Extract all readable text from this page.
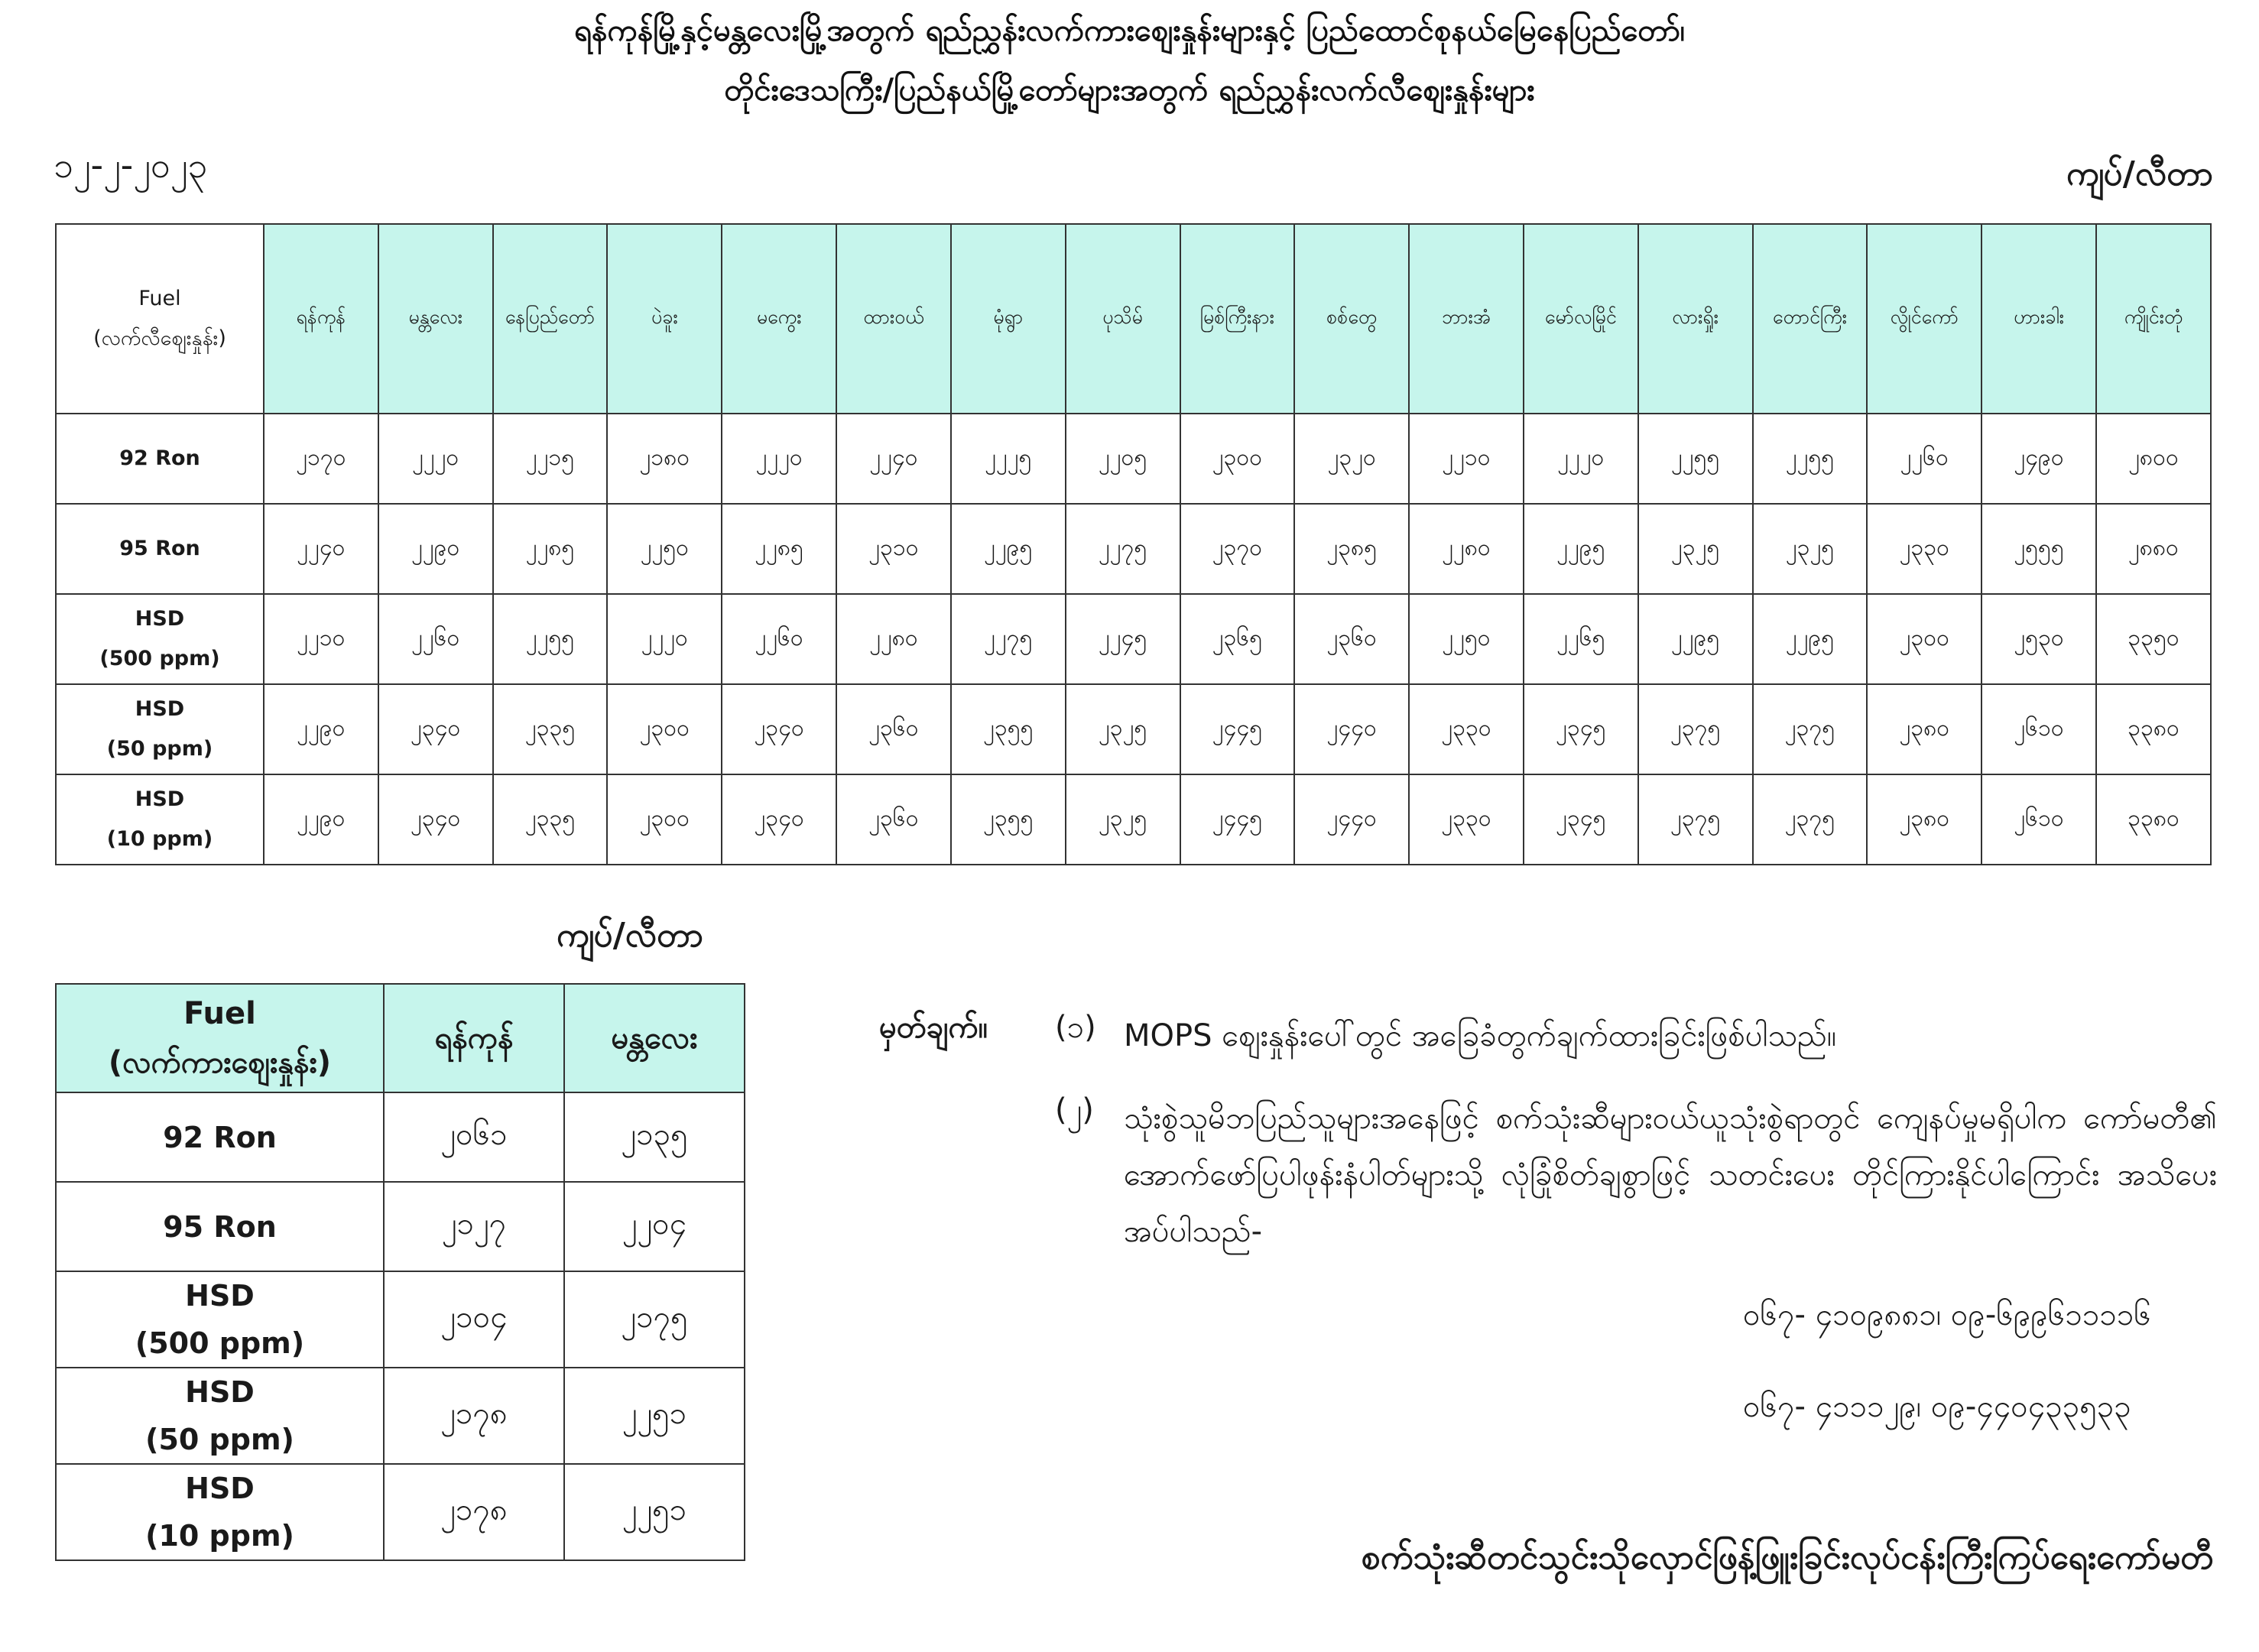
ရန်ကုန်မြို့နှင့်မန္တလေးမြို့အတွက် ရည်ညွှန်းလက်ကားစျေးနှုန်းများနှင့် ပြည်ထောင်စုနယ်မြေနေပြည်တော်၊
တိုင်းဒေသကြီး/ပြည်နယ်မြို့တော်များအတွက် ရည်ညွှန်းလက်လီစျေးနှုန်းများ
၁၂-၂-၂၀၂၃	ကျပ်/လီတာ
Fuel
(လက်လီစျေးနှုန်း)	ရန်ကုန်	မန္တလေး	နေပြည်တော်	ပဲခူး	မကွေး	ထားဝယ်	မုံရွာ	ပုသိမ်	မြစ်ကြီးနား	စစ်တွေ	ဘားအံ	မော်လမြိုင်	လားရှိုး	တောင်ကြီး	လွိုင်ကော်	ဟားခါး	ကျိုင်းတုံ

92 Ron	၂၁၇၀	၂၂၂၀	၂၂၁၅	၂၁၈၀	၂၂၂၀	၂၂၄၀	၂၂၂၅	၂၂၀၅	၂၃၀၀	၂၃၂၀	၂၂၁၀	၂၂၂၀	၂၂၅၅	၂၂၅၅	၂၂၆၀	၂၄၉၀	၂၈၀၀

95 Ron	၂၂၄၀	၂၂၉၀	၂၂၈၅	၂၂၅၀	၂၂၈၅	၂၃၁၀	၂၂၉၅	၂၂၇၅	၂၃၇၀	၂၃၈၅	၂၂၈၀	၂၂၉၅	၂၃၂၅	၂၃၂၅	၂၃၃၀	၂၅၅၅	၂၈၈၀

HSD
(500 ppm)	၂၂၁၀	၂၂၆၀	၂၂၅၅	၂၂၂၀	၂၂၆၀	၂၂၈၀	၂၂၇၅	၂၂၄၅	၂၃၆၅	၂၃၆၀	၂၂၅၀	၂၂၆၅	၂၂၉၅	၂၂၉၅	၂၃၀၀	၂၅၃၀	၃၃၅၀

HSD
(50 ppm)	၂၂၉၀	၂၃၄၀	၂၃၃၅	၂၃၀၀	၂၃၄၀	၂၃၆၀	၂၃၅၅	၂၃၂၅	၂၄၄၅	၂၄၄၀	၂၃၃၀	၂၃၄၅	၂၃၇၅	၂၃၇၅	၂၃၈၀	၂၆၁၀	၃၃၈၀

HSD
(10 ppm)	၂၂၉၀	၂၃၄၀	၂၃၃၅	၂၃၀၀	၂၃၄၀	၂၃၆၀	၂၃၅၅	၂၃၂၅	၂၄၄၅	၂၄၄၀	၂၃၃၀	၂၃၄၅	၂၃၇၅	၂၃၇၅	၂၃၈၀	၂၆၁၀	၃၃၈၀
ကျပ်/လီတာ
Fuel
(လက်ကားစျေးနှုန်း)	ရန်ကုန်	မန္တလေး

92 Ron	၂၀၆၁	၂၁၃၅

95 Ron	၂၁၂၇	၂၂၀၄

HSD
(500 ppm)	၂၁၀၄	၂၁၇၅

HSD
(50 ppm)	၂၁၇၈	၂၂၅၁

HSD
(10 ppm)	၂၁၇၈	၂၂၅၁
မှတ်ချက်။ (၁) MOPS စျေးနှုန်းပေါ်တွင် အခြေခံတွက်ချက်ထားခြင်းဖြစ်ပါသည်။
(၂) သုံးစွဲသူမိဘပြည်သူများအနေဖြင့် စက်သုံးဆီများဝယ်ယူသုံးစွဲရာတွင် ကျေနပ်မှုမရှိပါက ကော်မတီ၏ အောက်ဖော်ပြပါဖုန်းနံပါတ်များသို့ လုံခြုံစိတ်ချစွာဖြင့် သတင်းပေး တိုင်ကြားနိုင်ပါကြောင်း အသိပေးအပ်ပါသည်-
၀၆၇- ၄၁၀၉၈၈၁၊ ၀၉-၆၉၉၆၁၁၁၁၆
၀၆၇- ၄၁၁၁၂၉၊ ၀၉-၄၄၀၄၃၃၅၃၃
စက်သုံးဆီတင်သွင်းသိုလှောင်ဖြန့်ဖြူးခြင်းလုပ်ငန်းကြီးကြပ်ရေးကော်မတီ
